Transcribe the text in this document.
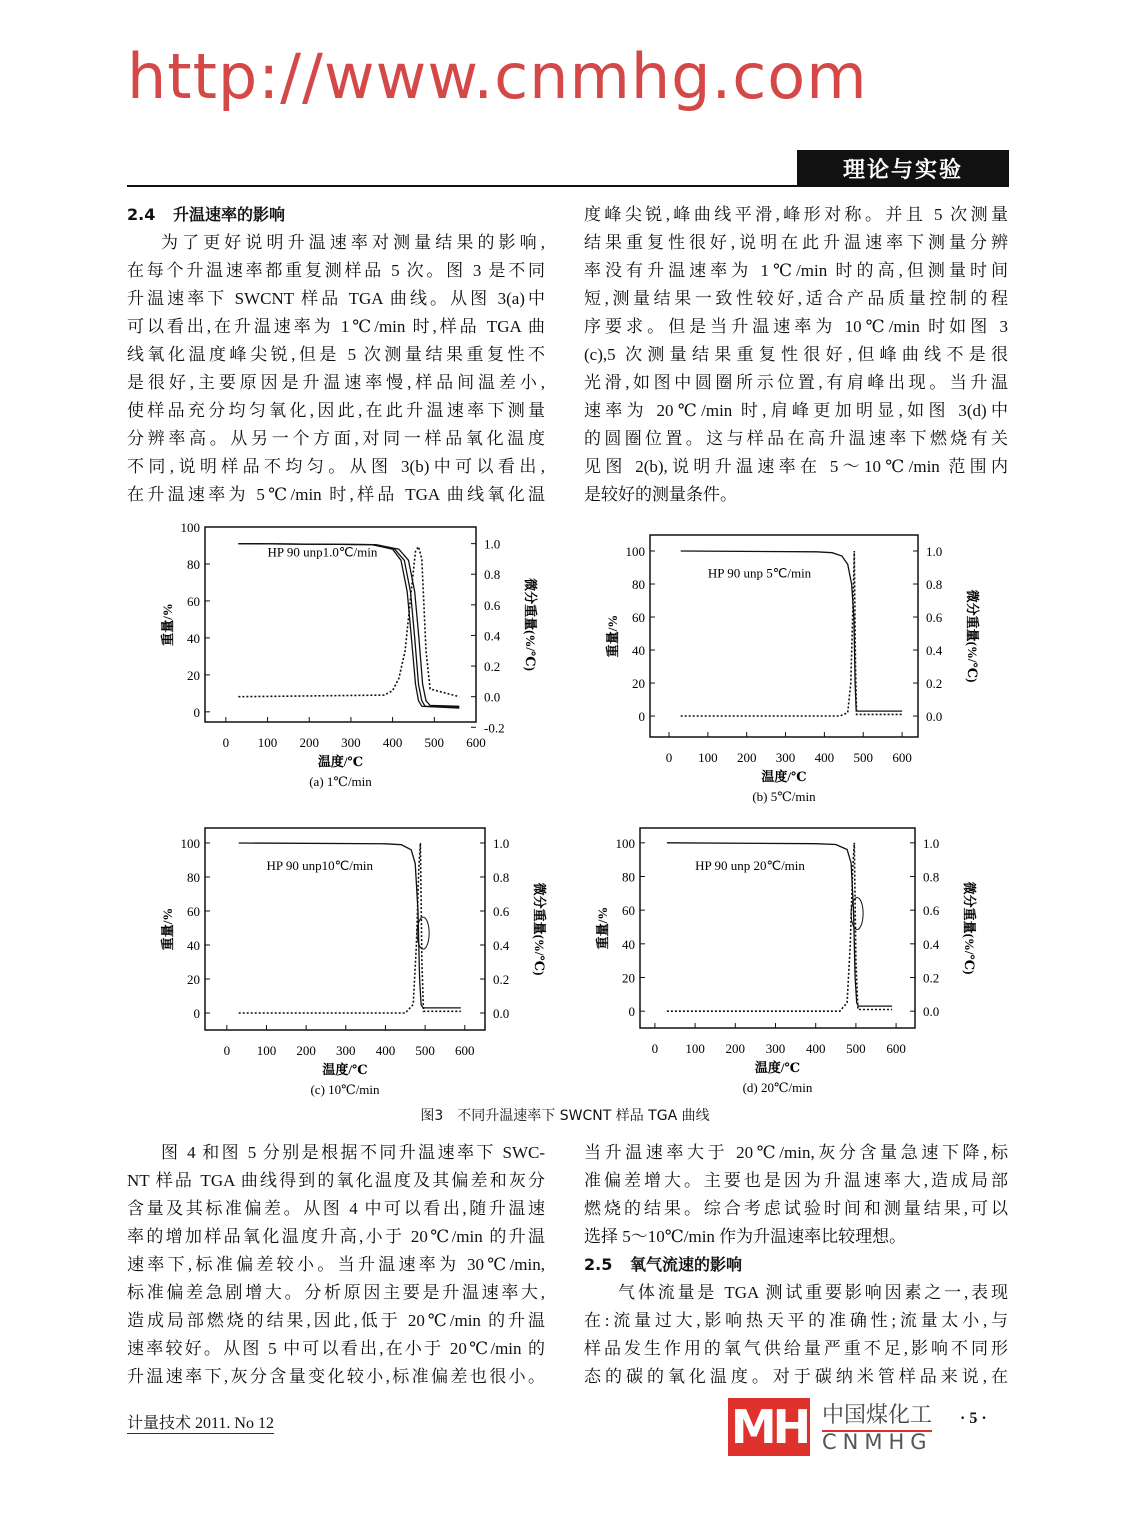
理论与实验
2.4 升温速率的影响
为了更好说明升温速率对测量结果的影响,
在每个升温速率都重复测样品 5 次。图 3 是不同
升温速率下 SWCNT 样品 TGA 曲线。从图 3(a)中
可以看出,在升温速率为 1℃/min 时,样品 TGA 曲
线氧化温度峰尖锐,但是 5 次测量结果重复性不
是很好,主要原因是升温速率慢,样品间温差小,
使样品充分均匀氧化,因此,在此升温速率下测量
分辨率高。从另一个方面,对同一样品氧化温度
不同,说明样品不均匀。从图 3(b)中可以看出,
在升温速率为 5℃/min 时,样品 TGA 曲线氧化温
度峰尖锐,峰曲线平滑,峰形对称。并且 5 次测量
结果重复性很好,说明在此升温速率下测量分辨
率没有升温速率为 1℃/min 时的高,但测量时间
短,测量结果一致性较好,适合产品质量控制的程
序要求。但是当升温速率为 10℃/min 时如图 3
(c),5 次测量结果重复性很好,但峰曲线不是很
光滑,如图中圆圈所示位置,有肩峰出现。当升温
速率为 20℃/min 时,肩峰更加明显,如图 3(d)中
的圆圈位置。这与样品在高升温速率下燃烧有关
见图 2(b),说明升温速率在 5～10℃/min 范围内
是较好的测量条件。
图 4 和图 5 分别是根据不同升温速率下 SWC-
NT 样品 TGA 曲线得到的氧化温度及其偏差和灰分
含量及其标准偏差。从图 4 中可以看出,随升温速
率的增加样品氧化温度升高,小于 20℃/min 的升温
速率下,标准偏差较小。当升温速率为 30℃/min,
标准偏差急剧增大。分析原因主要是升温速率大,
造成局部燃烧的结果,因此,低于 20℃/min 的升温
速率较好。从图 5 中可以看出,在小于 20℃/min 的
升温速率下,灰分含量变化较小,标准偏差也很小。
当升温速率大于 20℃/min,灰分含量急速下降,标
准偏差增大。主要也是因为升温速率大,造成局部
燃烧的结果。综合考虑试验时间和测量结果,可以
选择 5～10℃/min 作为升温速率比较理想。
2.5 氧气流速的影响
气体流量是 TGA 测试重要影响因素之一,表现
在:流量过大,影响热天平的准确性;流量太小,与
样品发生作用的氧气供给量严重不足,影响不同形
态的碳的氧化温度。对于碳纳米管样品来说,在
0 100 200 300 400 500 600
0
20
40
60
80
100
-0.2
0.0
0.2
0.4
0.6
0.8
1.0
温度/℃
重量/%	微分重量(%/℃)
(a) 1℃/min
HP 90 unp1.0℃/min
0 100 200 300 400 500 600
0
20
40
60
80
100
0.0
0.2
0.4
0.6
0.8
1.0
温度/℃
重量/%	微分重量(%/℃)
(b) 5℃/min
HP 90 unp 5℃/min
0 100 200 300 400 500 600
0
20
40
60
80
100
0.0
0.2
0.4
0.6
0.8
1.0
温度/℃
重量/%	微分重量(%/℃)
(c) 10℃/min
HP 90 unp10℃/min
0 100 200 300 400 500 600
0
20
40
60
80
100
0.0
0.2
0.4
0.6
0.8
1.0
温度/℃
重量/%	微分重量(%/℃)
(d) 20℃/min
HP 90 unp 20℃/min
图3　不同升温速率下 SWCNT 样品 TGA 曲线
计量技术 2011. No 12	· 5 ·
http://www.cnmhg.com
MH 中国煤化工
CNMHG
